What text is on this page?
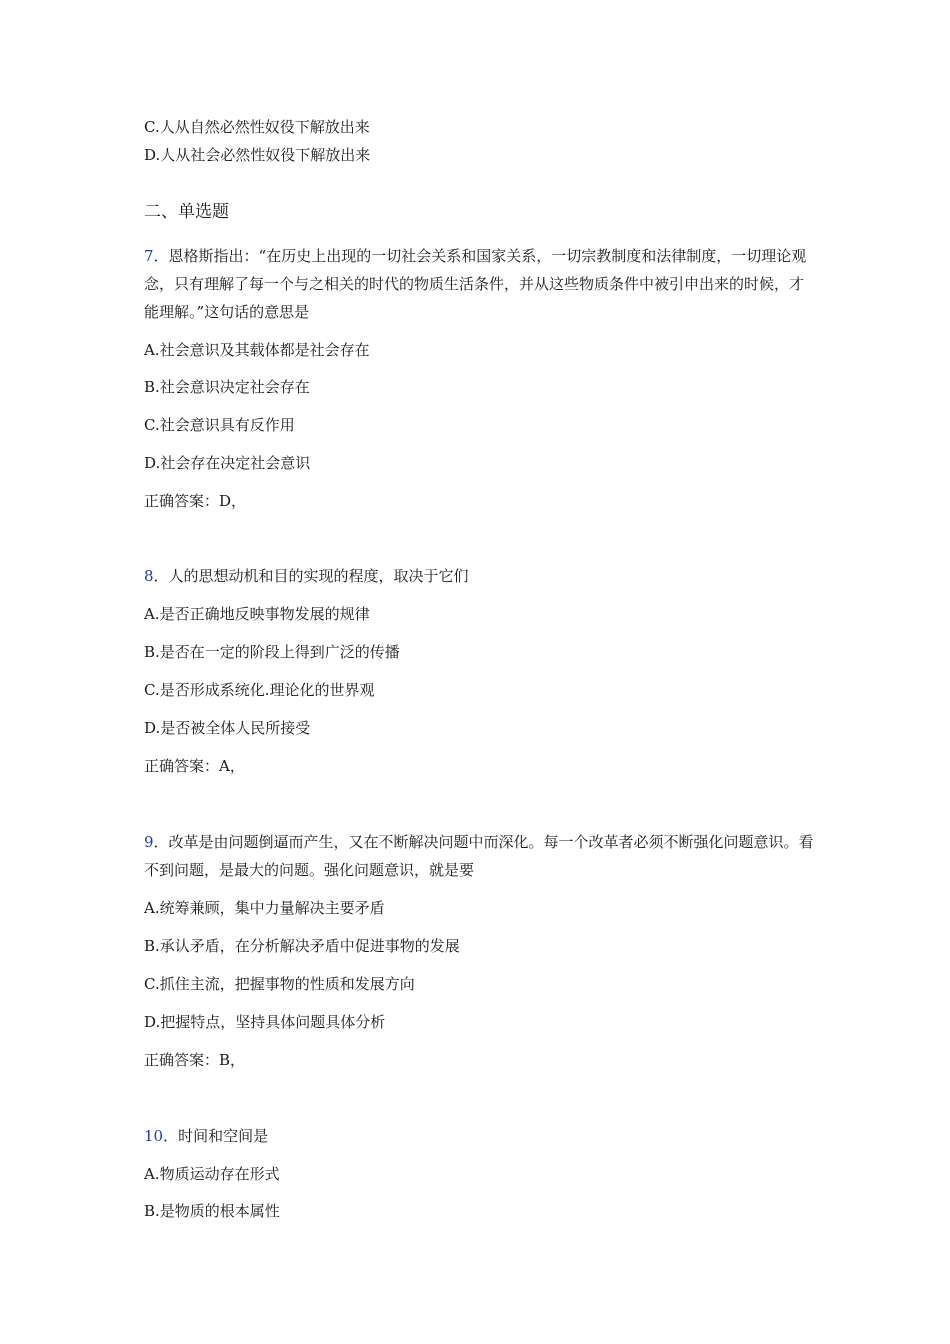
C.人从自然必然性奴役下解放出来
D.人从社会必然性奴役下解放出来
二、单选题
7．恩格斯指出：“在历史上出现的一切社会关系和国家关系，一切宗教制度和法律制度，一切理论观念，只有理解了每一个与之相关的时代的物质生活条件，并从这些物质条件中被引申出来的时候，才能理解。”这句话的意思是
A.社会意识及其载体都是社会存在
B.社会意识决定社会存在
C.社会意识具有反作用
D.社会存在决定社会意识
正确答案：D，
8．人的思想动机和目的实现的程度，取决于它们
A.是否正确地反映事物发展的规律
B.是否在一定的阶段上得到广泛的传播
C.是否形成系统化.理论化的世界观
D.是否被全体人民所接受
正确答案：A，
9．改革是由问题倒逼而产生，又在不断解决问题中而深化。每一个改革者必须不断强化问题意识。看不到问题，是最大的问题。强化问题意识，就是要
A.统筹兼顾，集中力量解决主要矛盾
B.承认矛盾，在分析解决矛盾中促进事物的发展
C.抓住主流，把握事物的性质和发展方向
D.把握特点，坚持具体问题具体分析
正确答案：B，
10．时间和空间是
A.物质运动存在形式
B.是物质的根本属性
